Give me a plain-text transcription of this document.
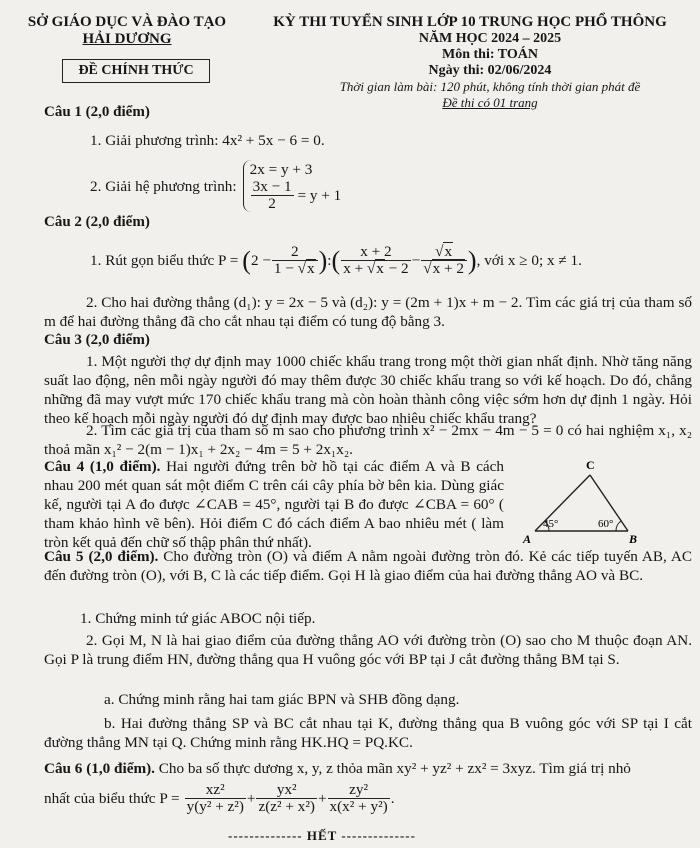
SỞ GIÁO DỤC VÀ ĐÀO TẠO
HẢI DƯƠNG
ĐỀ CHÍNH THỨC
KỲ THI TUYỂN SINH LỚP 10 TRUNG HỌC PHỔ THÔNG
NĂM HỌC 2024 – 2025
Môn thi: TOÁN
Ngày thi: 02/06/2024
Thời gian làm bài: 120 phút, không tính thời gian phát đề
Đề thi có 01 trang
Câu 1 (2,0 điểm)
1. Giải phương trình: 4x² + 5x − 6 = 0.
2. Giải hệ phương trình:
2x = y + 3
$\frac{3x - 1}{2} = y + 1$
Câu 2 (2,0 điểm)
1. Rút gọn biểu thức P = ( $2 - \frac{2}{1 - √x}$ ) : ( $\frac{x + 2}{x + √x - 2} - \frac{√x}{√x + 2}$ ) , với x ≥ 0; x ≠ 1.
2. Cho hai đường thẳng (d₁): y = 2x − 5 và (d₂): y = (2m + 1)x + m − 2. Tìm các giá trị của tham số m để hai đường thẳng đã cho cắt nhau tại điểm có tung độ bằng 3.
Câu 3 (2,0 điểm)
1. Một người thợ dự định may 1000 chiếc khẩu trang trong một thời gian nhất định. Nhờ tăng năng suất lao động, nên mỗi ngày người đó may thêm được 30 chiếc khẩu trang so với kế hoạch. Do đó, chẳng những đã may vượt mức 170 chiếc khẩu trang mà còn hoàn thành công việc sớm hơn dự định 1 ngày. Hỏi theo kế hoạch mỗi ngày người đó dự định may được bao nhiêu chiếc khẩu trang?
2. Tìm các giá trị của tham số m sao cho phương trình x² − 2mx − 4m − 5 = 0 có hai nghiệm x₁, x₂ thoả mãn x₁² − 2(m − 1)x₁ + 2x₂ − 4m = 5 + 2x₁x₂.
Câu 4 (1,0 điểm). Hai người đứng trên bờ hồ tại các điểm A và B cách nhau 200 mét quan sát một điểm C trên cái cây phía bờ bên kia. Dùng giác kế, người tại A đo được ∠CAB = 45°, người tại B đo được ∠CBA = 60° ( tham khảo hình vẽ bên). Hỏi điểm C đó cách điểm A bao nhiêu mét ( làm tròn kết quả đến chữ số thập phân thứ nhất).
C
A	B
45°	60°
Câu 5 (2,0 điểm). Cho đường tròn (O) và điểm A nằm ngoài đường tròn đó. Kẻ các tiếp tuyến AB, AC đến đường tròn (O), với B, C là các tiếp điểm. Gọi H là giao điểm của hai đường thẳng AO và BC.
1. Chứng minh tứ giác ABOC nội tiếp.
2. Gọi M, N là hai giao điểm của đường thẳng AO với đường tròn (O) sao cho M thuộc đoạn AN. Gọi P là trung điểm HN, đường thẳng qua H vuông góc với BP tại J cắt đường thẳng BM tại S.
a. Chứng minh rằng hai tam giác BPN và SHB đồng dạng.
b. Hai đường thẳng SP và BC cắt nhau tại K, đường thẳng qua B vuông góc với SP tại I cắt đường thẳng MN tại Q. Chứng minh rằng HK.HQ = PQ.KC.
Câu 6 (1,0 điểm). Cho ba số thực dương x, y, z thỏa mãn xy² + yz² + zx² = 3xyz. Tìm giá trị nhỏ
nhất của biểu thức $P = \frac{\text{xz²}}{\text{y(y² + z²)}} + \frac{\text{yx²}}{\text{z(z² + x²)}} + \frac{\text{zy²}}{\text{x(x² + y²)}}$ .
-------------- HẾT --------------
